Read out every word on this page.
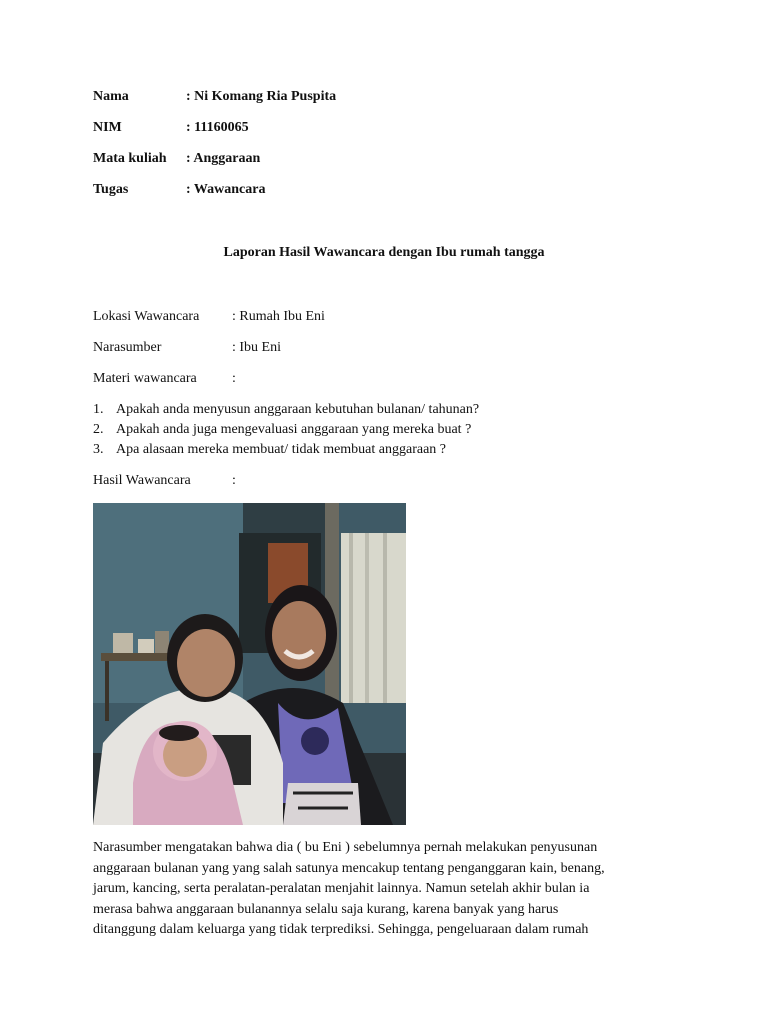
Nama	: Ni Komang Ria Puspita
NIM	: 11160065
Mata kuliah : Anggaraan
Tugas	: Wawancara
Laporan Hasil Wawancara dengan Ibu rumah tangga
Lokasi Wawancara : Rumah Ibu Eni
Narasumber	: Ibu Eni
Materi wawancara	:
1. Apakah anda menyusun anggaraan kebutuhan bulanan/ tahunan?
2. Apakah anda juga mengevaluasi anggaraan yang mereka buat ?
3. Apa alasaan mereka membuat/ tidak membuat anggaraan ?
Hasil Wawancara	:
Narasumber mengatakan bahwa dia ( bu Eni ) sebelumnya pernah melakukan penyusunan
anggaraan bulanan yang yang salah satunya mencakup tentang penganggaran kain, benang,
jarum, kancing, serta peralatan-peralatan menjahit lainnya. Namun setelah akhir bulan ia
merasa bahwa anggaraan bulanannya selalu saja kurang, karena banyak yang harus
ditanggung dalam keluarga yang tidak terprediksi. Sehingga, pengeluaraan dalam rumah
